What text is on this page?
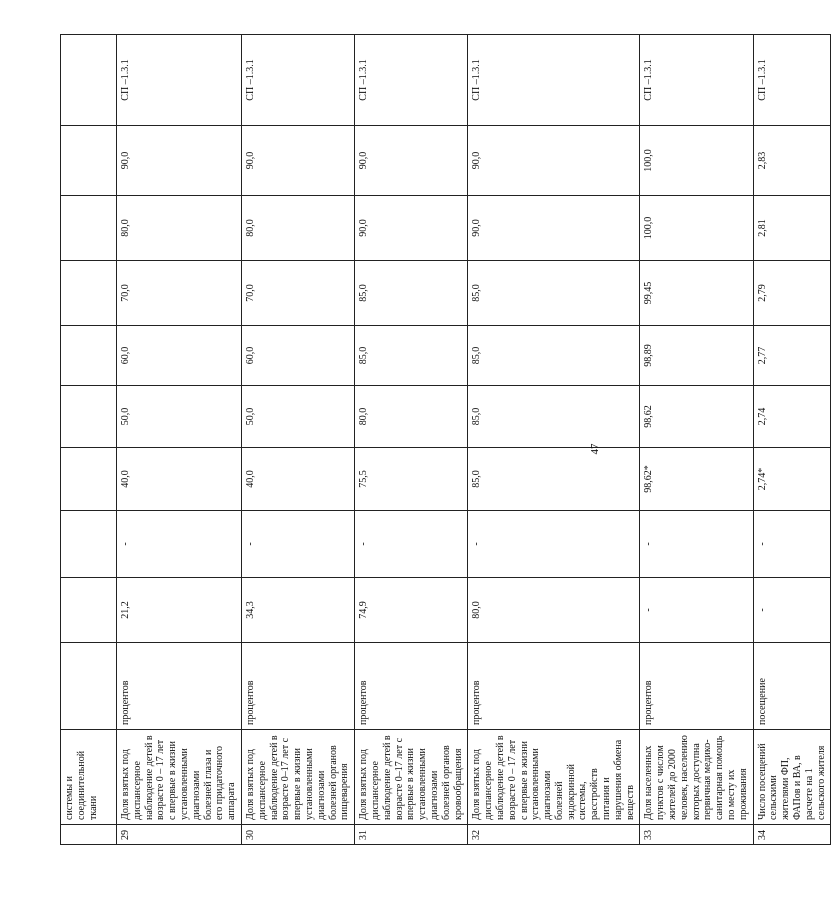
	системы и соединительной ткани										
29	Доля взятых под диспансерное наблюдение детей в возрасте 0 – 17 лет с впервые в жизни установленными диагнозами болезней глаза и его придаточного аппарата	процентов	21,2	-	40,0	50,0	60,0	70,0	80,0	90,0	СП –1.3.1
30	Доля взятых под диспансерное наблюдение детей в возрасте 0–17 лет с впервые в жизни установленными диагнозами болезней органов пищеварения	процентов	34,3	-	40,0	50,0	60,0	70,0	80,0	90,0	СП –1.3.1
31	Доля взятых под диспансерное наблюдение детей в возрасте 0–17 лет с впервые в жизни установленными диагнозами болезней органов кровообращения	процентов	74,9	-	75,5	80,0	85,0	85,0	90,0	90,0	СП –1.3.1
32	Доля взятых под диспансерное наблюдение детей в возрасте 0 – 17 лет с впервые в жизни установленными диагнозами болезней эндокринной системы, расстройств питания и нарушения обмена веществ	процентов	80,0	-	85,0	85,0	85,0	85,0	90,0	90,0	СП –1.3.1
33	Доля населенных пунктов с числом жителей до 2000 человек, населению которых доступна первичная медико-санитарная помощь по месту их проживания	процентов	-	-	98,62*	98,62	98,89	99,45	100,0	100,0	СП –1.3.1
34	Число посещений сельскими жителями ФП, ФАПов и ВА, в расчете на 1 сельского жителя	посещение	-	-	2,74*	2,74	2,77	2,79	2,81	2,83	СП –1.3.1
47
